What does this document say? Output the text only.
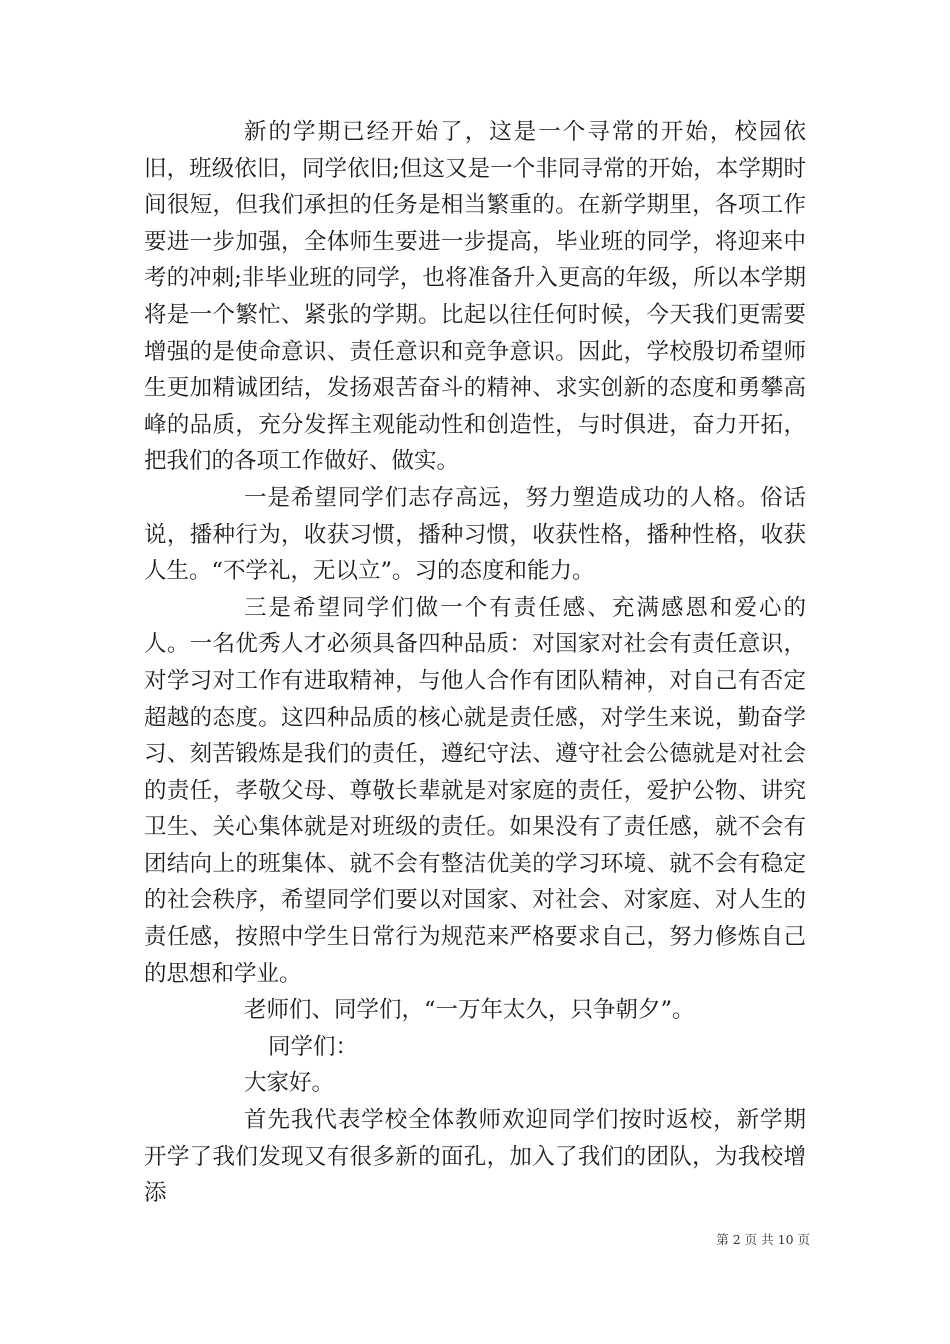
新的学期已经开始了，这是一个寻常的开始，校园依旧，班级依旧，同学依旧;但这又是一个非同寻常的开始，本学期时间很短，但我们承担的任务是相当繁重的。在新学期里，各项工作要进一步加强，全体师生要进一步提高，毕业班的同学，将迎来中考的冲刺;非毕业班的同学，也将准备升入更高的年级，所以本学期将是一个繁忙、紧张的学期。比起以往任何时候，今天我们更需要增强的是使命意识、责任意识和竞争意识。因此，学校殷切希望师生更加精诚团结，发扬艰苦奋斗的精神、求实创新的态度和勇攀高峰的品质，充分发挥主观能动性和创造性，与时俱进，奋力开拓，把我们的各项工作做好、做实。

一是希望同学们志存高远，努力塑造成功的人格。俗话说，播种行为，收获习惯，播种习惯，收获性格，播种性格，收获人生。“不学礼，无以立”。习的态度和能力。

三是希望同学们做一个有责任感、充满感恩和爱心的人。一名优秀人才必须具备四种品质：对国家对社会有责任意识，对学习对工作有进取精神，与他人合作有团队精神，对自己有否定超越的态度。这四种品质的核心就是责任感，对学生来说，勤奋学习、刻苦锻炼是我们的责任，遵纪守法、遵守社会公德就是对社会的责任，孝敬父母、尊敬长辈就是对家庭的责任，爱护公物、讲究卫生、关心集体就是对班级的责任。如果没有了责任感，就不会有团结向上的班集体、就不会有整洁优美的学习环境、就不会有稳定的社会秩序，希望同学们要以对国家、对社会、对家庭、对人生的责任感，按照中学生日常行为规范来严格要求自己，努力修炼自己的思想和学业。

老师们、同学们，“一万年太久，只争朝夕”。

同学们：

大家好。

首先我代表学校全体教师欢迎同学们按时返校，新学期开学了我们发现又有很多新的面孔，加入了我们的团队，为我校增添

第 2 页 共 10 页
